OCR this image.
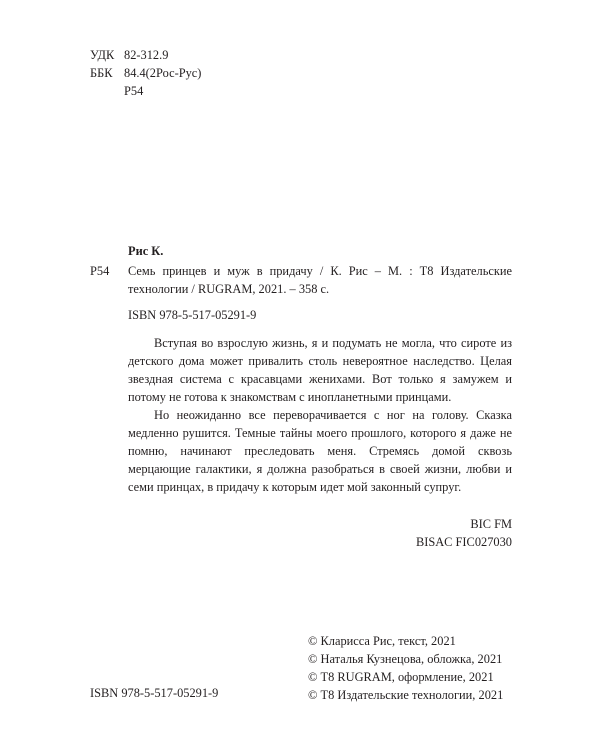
УДК 82-312.9
ББК 84.4(2Рос-Рус)
Р54
Рис К.
Р54 Семь принцев и муж в придачу / К. Рис – М. : Т8 Издательские технологии / RUGRAM, 2021. – 358 с.
ISBN 978-5-517-05291-9

Вступая во взрослую жизнь, я и подумать не могла, что сироте из детского дома может привалить столь невероятное наследство. Целая звездная система с красавцами женихами. Вот только я замужем и потому не готова к знакомствам с инопланетными принцами.

Но неожиданно все переворачивается с ног на голову. Сказка медленно рушится. Темные тайны моего прошлого, которого я даже не помню, начинают преследовать меня. Стремясь домой сквозь мерцающие галактики, я должна разобраться в своей жизни, любви и семи принцах, в придачу к которым идет мой законный супруг.

BIC FM
BISAC FIC027030
ISBN 978-5-517-05291-9
© Кларисса Рис, текст, 2021
© Наталья Кузнецова, обложка, 2021
© Т8 RUGRAM, оформление, 2021
© Т8 Издательские технологии, 2021
